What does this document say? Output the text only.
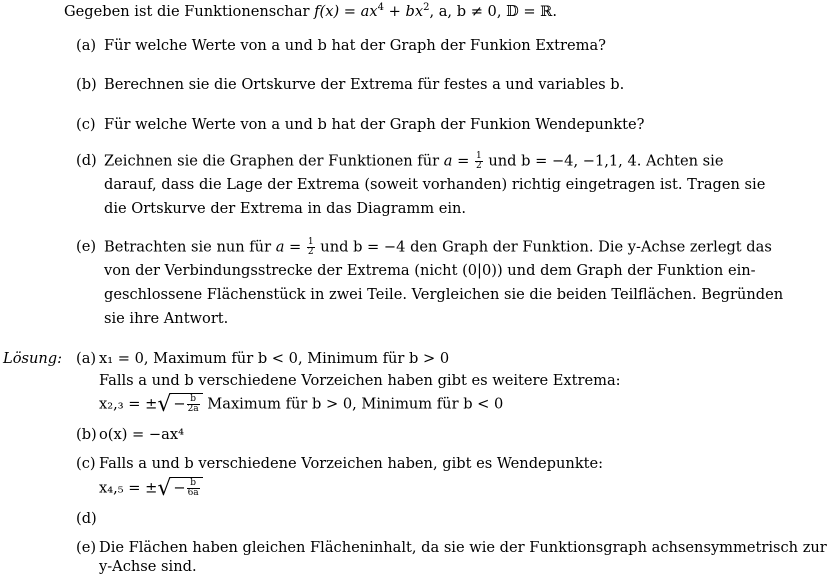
Gegeben ist die Funktionenschar $f(x) = ax^4 + bx^2$, a, b ≠ 0, 𝔻 = ℝ.
(a) Für welche Werte von a und b hat der Graph der Funkion Extrema?
(b) Berechnen sie die Ortskurve der Extrema für festes a und variables b.
(c) Für welche Werte von a und b hat der Graph der Funkion Wendepunkte?
(d) Zeichnen sie die Graphen der Funktionen für $a = \frac{1}{2}$ und b = −4, −1,1, 4. Achten sie
darauf, dass die Lage der Extrema (soweit vorhanden) richtig eingetragen ist. Tragen sie
die Ortskurve der Extrema in das Diagramm ein.
(e) Betrachten sie nun für $a = \frac{1}{2}$ und b = −4 den Graph der Funktion. Die y-Achse zerlegt das
von der Verbindungsstrecke der Extrema (nicht (0|0)) und dem Graph der Funktion ein-
geschlossene Flächenstück in zwei Teile. Vergleichen sie die beiden Teilflächen. Begründen
sie ihre Antwort.
Lösung: (a) x₁ = 0, Maximum für b < 0, Minimum für b > 0
Falls a und b verschiedene Vorzeichen haben gibt es weitere Extrema:
x₂,₃ = ±√ − $\frac{b}{2a}$ Maximum für b > 0, Minimum für b < 0
(b) o(x) = −ax⁴
(c) Falls a und b verschiedene Vorzeichen haben, gibt es Wendepunkte:
x₄,₅ = ±√ − $\frac{b}{6a}$
(d)
(e) Die Flächen haben gleichen Flächeninhalt, da sie wie der Funktionsgraph achsensymmetrisch zur
y-Achse sind.
